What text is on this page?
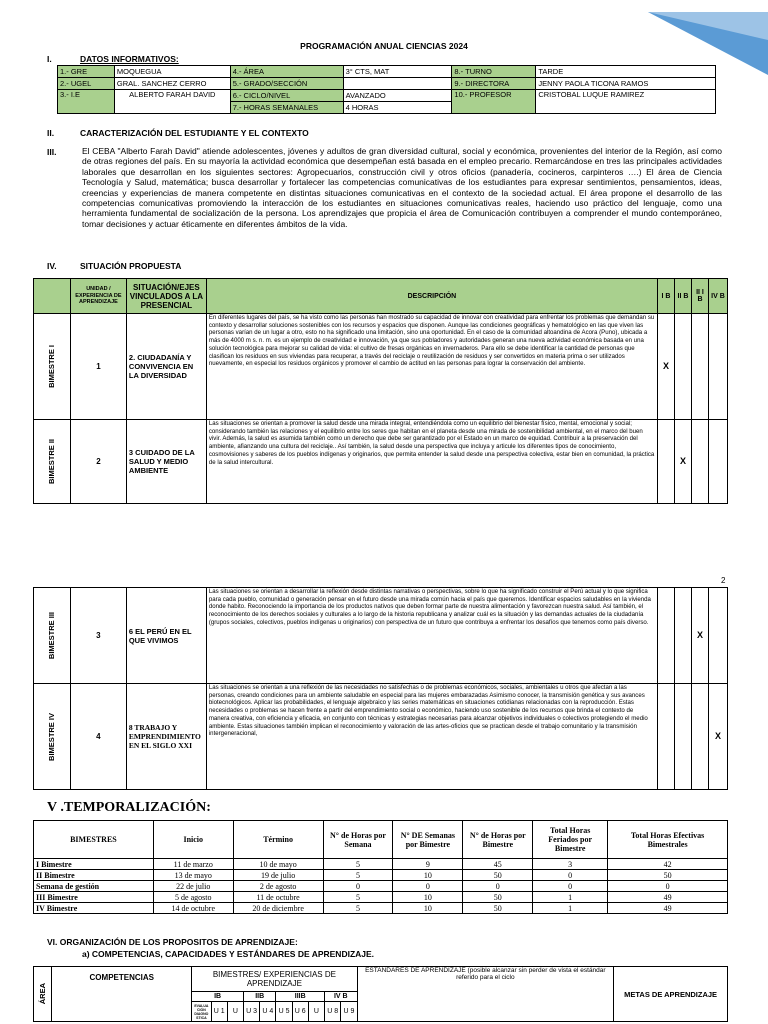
PROGRAMACIÓN ANUAL CIENCIAS 2024
I.	DATOS INFORMATIVOS:
1.- GRE	MOQUEGUA	4.- ÁREA	3° CTS, MAT	8.- TURNO	TARDE
2.- UGEL	GRAL. SANCHEZ CERRO	5.- GRADO/SECCIÓN		9.- DIRECTORA	JENNY PAOLA TICONA RAMOS
3.- I.E	ALBERTO FARAH DAVID	6.- CICLO/NIVEL	AVANZADO	10.- PROFESOR	CRISTOBAL LUQUE RAMIREZ
		7.- HORAS SEMANALES	4 HORAS		
II.	CARACTERIZACIÓN DEL ESTUDIANTE Y EL CONTEXTO
III.	El CEBA "Alberto Farah David" atiende adolescentes, jóvenes y adultos de gran diversidad cultural, social y económica, provenientes del interior de la Región, así como de otras regiones del país. En su mayoría la actividad económica que desempeñan está basada en el empleo precario. Remarcándose en tres las principales actividades laborales que desarrollan en los siguientes sectores: Agropecuarios, construcción civil y otros oficios (panadería, cocineros, carpinteros ….) El área de Ciencia Tecnología y Salud, matemática; busca desarrollar y fortalecer las competencias comunicativas de los estudiantes para expresar sentimientos, pensamientos, ideas, creencias y experiencias de manera competente en distintas situaciones comunicativas en el contexto de la sociedad actual. El área propone el desarrollo de las competencias comunicativas promoviendo la interacción de los estudiantes en situaciones comunicativas reales, haciendo uso práctico del lenguaje, como una herramienta fundamental de socialización de la persona. Los aprendizajes que propicia el área de Comunicación contribuyen a comprender el mundo contemporáneo, tomar decisiones y actuar éticamente en diferentes ámbitos de la vida.
IV.	SITUACIÓN PROPUESTA
	UNIDAD / EXPERIENCIA DE APRENDIZAJE	SITUACIÓN/EJES VINCULADOS A LA PRESENCIAL	DESCRIPCIÓN	I B	II B	II I B	IV B

BIMESTRE I	1	2. CIUDADANÍA Y CONVIVENCIA EN LA DIVERSIDAD	En diferentes lugares del país, se ha visto como las personas han mostrado su capacidad de innovar con creatividad para enfrentar los problemas que demandan su contexto y desarrollar soluciones sostenibles con los recursos y espacios que disponen. Aunque las condiciones geográficas y hematológico en las que viven las personas varían de un lugar a otro, esto no ha significado una limitación, sino una oportunidad. En el caso de la comunidad altoandina de Acora (Puno), ubicada a más de 4000 m s. n. m. es un ejemplo de creatividad e innovación, ya que sus pobladores y autoridades generan una nueva actividad económica basada en una solución tecnológica para mejorar su calidad de vida: el cultivo de fresas orgánicas en invernaderos. Para ello se debe identificar la cantidad de personas que clasifican los residuos en sus viviendas para recuperar, a través del reciclaje o reutilización de residuos y ser convertidos en materia prima o ser utilizados nuevamente, en especial los residuos orgánicos y promover el cambio de actitud en las personas para lograr la conservación del ambiente.	X			

BIMESTRE II	2	3 CUIDADO DE LA SALUD Y MEDIO AMBIENTE	Las situaciones se orientan a promover la salud desde una mirada integral, entendiéndola como un equilibrio del bienestar físico, mental, emocional y social; considerando también las relaciones y el equilibrio entre los seres que habitan en el planeta desde una mirada de sostenibilidad ambiental, en el marco del buen vivir. Además, la salud es asumida también como un derecho que debe ser garantizado por el Estado en un marco de equidad. Contribuir a la preservación del ambiente, afianzando una cultura del reciclaje.. Así también, la salud desde una perspectiva que incluya y articule los diferentes tipos de conocimiento, cosmovisiones y saberes de los pueblos indígenas y originarios, que permita entender la salud desde una perspectiva colectiva, estar bien en comunidad, la práctica de la salud intercultural.		X		
2
BIMESTRE III	3	6 EL PERÚ EN EL QUE VIVIMOS	Las situaciones se orientan a desarrollar la reflexión desde distintas narrativas o perspectivas, sobre lo que ha significado construir el Perú actual y lo que significa para cada pueblo, comunidad o generación pensar en el futuro desde una mirada común hacia el país que queremos. Identificar espacios saludables en la vivienda donde habito. Reconociendo la importancia de los productos nativos que deben formar parte de nuestra alimentación y favorezcan nuestra salud. Así también, el reconocimiento de los derechos sociales y culturales a lo largo de la historia republicana y analizar cuál es la situación y las demandas actuales de la ciudadanía (grupos sociales, colectivos, pueblos indígenas u originarios) con perspectiva de un futuro que contribuya a enfrentar los desafíos que tenemos como país diverso.			X	

BIMESTRE IV	4	8 TRABAJO Y EMPRENDIMIENTO EN EL SIGLO XXI	Las situaciones se orientan a una reflexión de las necesidades no satisfechas o de problemas económicos, sociales, ambientales u otros que afectan a las personas, creando condiciones para un ambiente saludable en especial para las mujeres embarazadas Asimismo conocer, la transmisión genética y sus avances biotecnológicos. Aplicar las probabilidades, el lenguaje algebraico y las series matemáticas en situaciones cotidianas relacionadas con la reproducción. Estas necesidades o problemas se hacen frente a partir del emprendimiento social o económico, haciendo uso sostenible de los recursos que brinda el contexto de manera creativa, con eficiencia y eficacia, en conjunto con técnicas y estrategias necesarias para alcanzar objetivos individuales o colectivos protegiendo el medio ambiente. Estas situaciones también implican el reconocimiento y valoración de las artes-oficios que se practican desde el trabajo comunitario y la transmisión intergeneracional,				X
V .TEMPORALIZACIÓN:
BIMESTRES	Inicio	Término	N° de Horas por Semana	N° DE Semanas por Bimestre	N° de Horas por Bimestre	Total Horas Feriados por Bimestre	Total Horas Efectivas Bimestrales
I Bimestre	11 de marzo	10 de mayo	5	9	45	3	42
II Bimestre	13 de mayo	19 de julio	5	10	50	0	50
Semana de gestión	22 de julio	2 de agosto	0	0	0	0	0
III Bimestre	5 de agosto	11 de octubre	5	10	50	1	49
IV Bimestre	14 de octubre	20 de diciembre	5	10	50	1	49
VI. ORGANIZACIÓN DE LOS PROPOSITOS DE APRENDIZAJE:
a) COMPETENCIAS, CAPACIDADES Y ESTÁNDARES DE APRENDIZAJE.
ÁREA	COMPETENCIAS	BIMESTRES/ EXPERIENCIAS DE APRENDIZAJE										ESTANDARES DE APRENDIZAJE (posible alcanzar sin perder de vista el estándar referido para el ciclo	METAS DE APRENDIZAJE
		IB			IIB		IIIB			IV B			
		EVALUA CIÓN DIAGNO STICA	U 1	U	U 3	U 4	U 5	U 6	U	U 8	U 9		
